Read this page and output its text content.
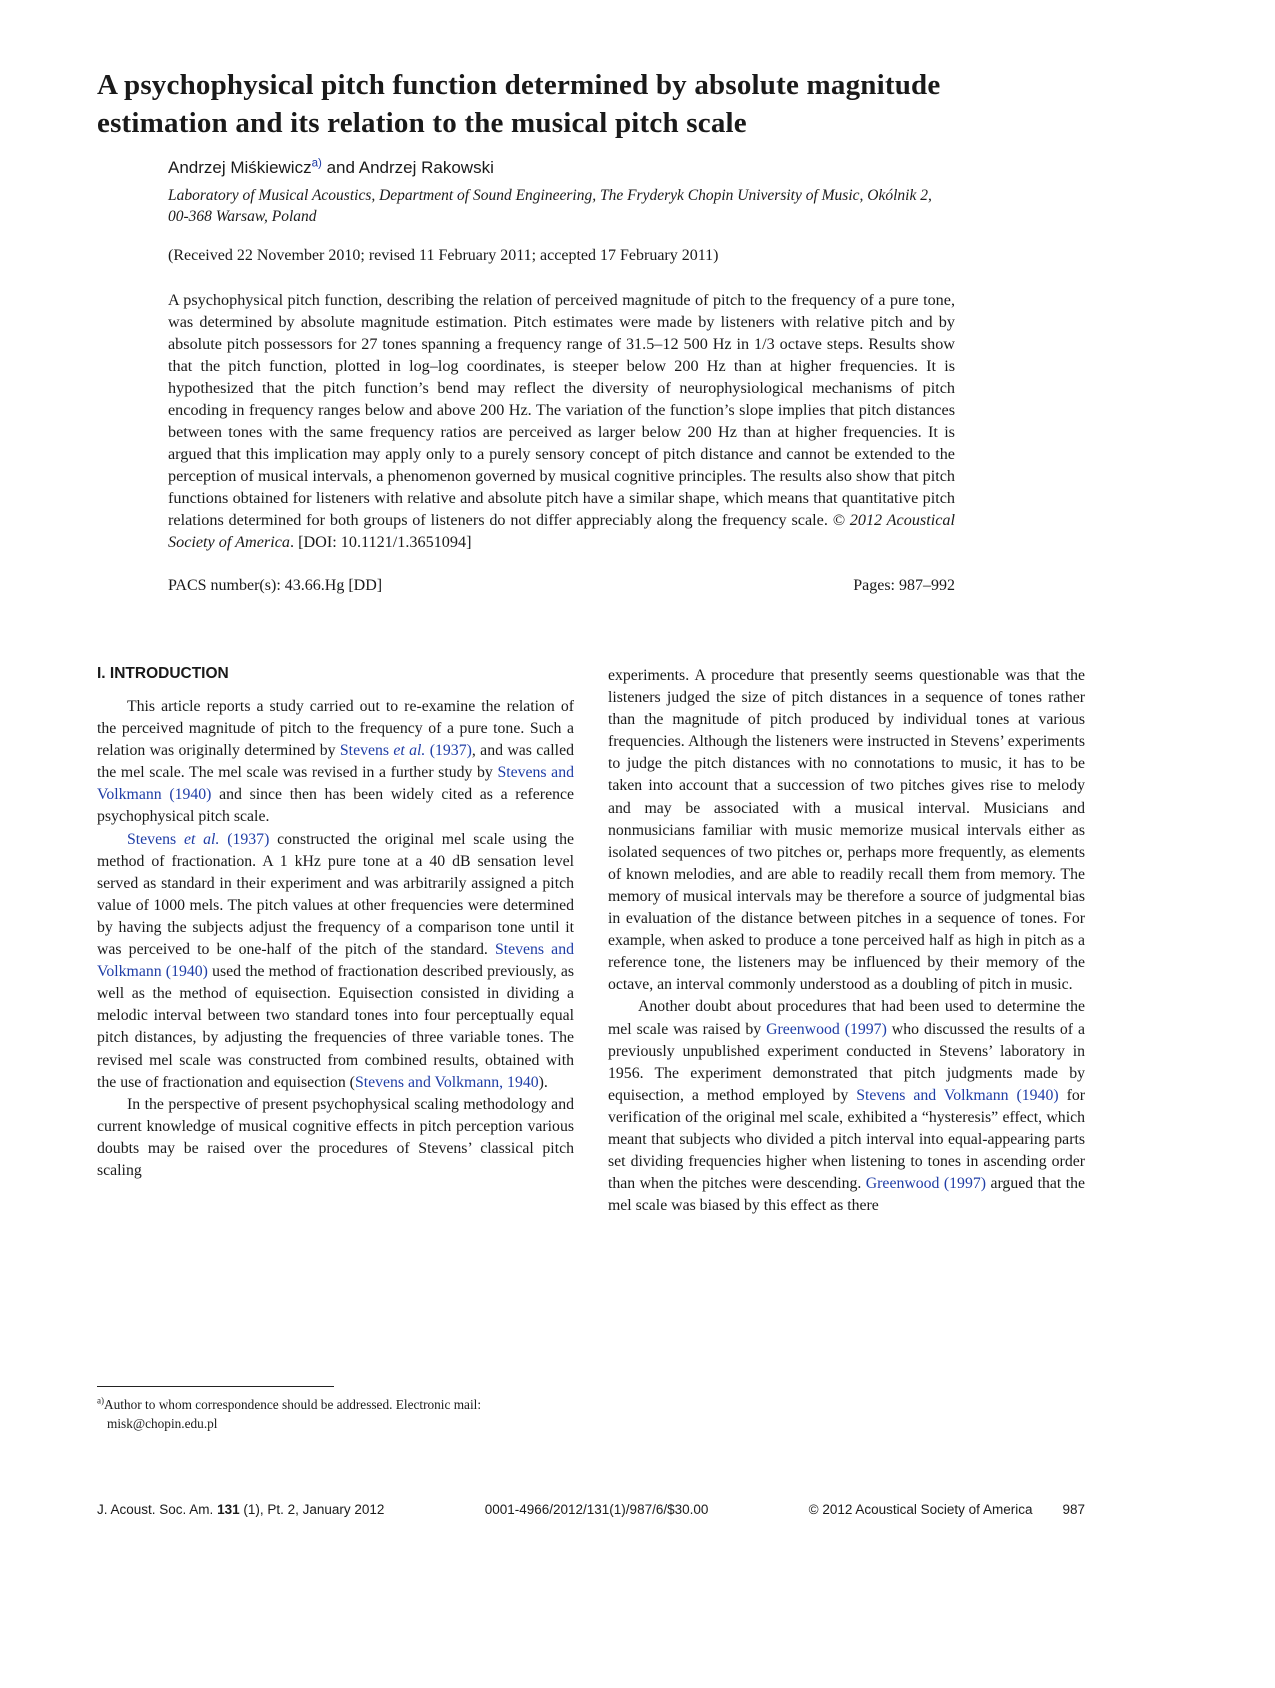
A psychophysical pitch function determined by absolute magnitude estimation and its relation to the musical pitch scale

Andrzej Miśkiewicz$^{a)}$ and Andrzej Rakowski

Laboratory of Musical Acoustics, Department of Sound Engineering, The Fryderyk Chopin University of Music, Okólnik 2, 00-368 Warsaw, Poland

(Received 22 November 2010; revised 11 February 2011; accepted 17 February 2011)

A psychophysical pitch function, describing the relation of perceived magnitude of pitch to the frequency of a pure tone, was determined by absolute magnitude estimation. Pitch estimates were made by listeners with relative pitch and by absolute pitch possessors for 27 tones spanning a frequency range of 31.5–12 500 Hz in 1/3 octave steps. Results show that the pitch function, plotted in log–log coordinates, is steeper below 200 Hz than at higher frequencies. It is hypothesized that the pitch function’s bend may reflect the diversity of neurophysiological mechanisms of pitch encoding in frequency ranges below and above 200 Hz. The variation of the function’s slope implies that pitch distances between tones with the same frequency ratios are perceived as larger below 200 Hz than at higher frequencies. It is argued that this implication may apply only to a purely sensory concept of pitch distance and cannot be extended to the perception of musical intervals, a phenomenon governed by musical cognitive principles. The results also show that pitch functions obtained for listeners with relative and absolute pitch have a similar shape, which means that quantitative pitch relations determined for both groups of listeners do not differ appreciably along the frequency scale. © 2012 Acoustical Society of America. [DOI: 10.1121/1.3651094]

PACS number(s): 43.66.Hg [DD]	Pages: 987–992
I. INTRODUCTION

This article reports a study carried out to re-examine the relation of the perceived magnitude of pitch to the frequency of a pure tone. Such a relation was originally determined by Stevens et al. (1937), and was called the mel scale. The mel scale was revised in a further study by Stevens and Volkmann (1940) and since then has been widely cited as a reference psychophysical pitch scale.

Stevens et al. (1937) constructed the original mel scale using the method of fractionation. A 1 kHz pure tone at a 40 dB sensation level served as standard in their experiment and was arbitrarily assigned a pitch value of 1000 mels. The pitch values at other frequencies were determined by having the subjects adjust the frequency of a comparison tone until it was perceived to be one-half of the pitch of the standard. Stevens and Volkmann (1940) used the method of fractionation described previously, as well as the method of equisection. Equisection consisted in dividing a melodic interval between two standard tones into four perceptually equal pitch distances, by adjusting the frequencies of three variable tones. The revised mel scale was constructed from combined results, obtained with the use of fractionation and equisection (Stevens and Volkmann, 1940).

In the perspective of present psychophysical scaling methodology and current knowledge of musical cognitive effects in pitch perception various doubts may be raised over the procedures of Stevens’ classical pitch scaling

experiments. A procedure that presently seems questionable was that the listeners judged the size of pitch distances in a sequence of tones rather than the magnitude of pitch produced by individual tones at various frequencies. Although the listeners were instructed in Stevens’ experiments to judge the pitch distances with no connotations to music, it has to be taken into account that a succession of two pitches gives rise to melody and may be associated with a musical interval. Musicians and nonmusicians familiar with music memorize musical intervals either as isolated sequences of two pitches or, perhaps more frequently, as elements of known melodies, and are able to readily recall them from memory. The memory of musical intervals may be therefore a source of judgmental bias in evaluation of the distance between pitches in a sequence of tones. For example, when asked to produce a tone perceived half as high in pitch as a reference tone, the listeners may be influenced by their memory of the octave, an interval commonly understood as a doubling of pitch in music.

Another doubt about procedures that had been used to determine the mel scale was raised by Greenwood (1997) who discussed the results of a previously unpublished experiment conducted in Stevens’ laboratory in 1956. The experiment demonstrated that pitch judgments made by equisection, a method employed by Stevens and Volkmann (1940) for verification of the original mel scale, exhibited a “hysteresis” effect, which meant that subjects who divided a pitch interval into equal-appearing parts set dividing frequencies higher when listening to tones in ascending order than when the pitches were descending. Greenwood (1997) argued that the mel scale was biased by this effect as there

$^{a)}$Author to whom correspondence should be addressed. Electronic mail: misk@chopin.edu.pl

J. Acoust. Soc. Am. 131 (1), Pt. 2, January 2012	0001-4966/2012/131(1)/987/6/$30.00	© 2012 Acoustical Society of America 987
